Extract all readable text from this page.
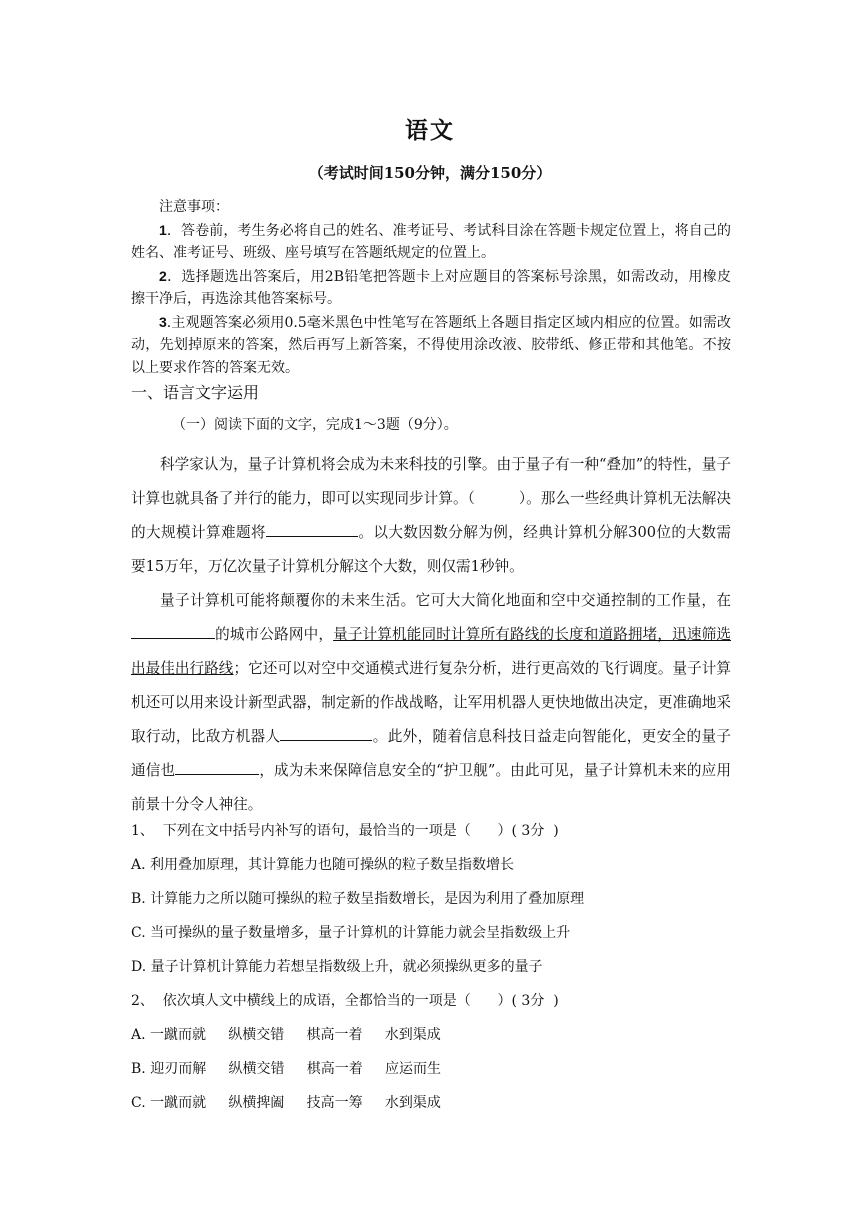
语文
（考试时间150分钟，满分150分）

注意事项：

1．答卷前，考生务必将自己的姓名、准考证号、考试科目涂在答题卡规定位置上，将自己的姓名、准考证号、班级、座号填写在答题纸规定的位置上。

2．选择题选出答案后，用2B铅笔把答题卡上对应题目的答案标号涂黑，如需改动，用橡皮擦干净后，再选涂其他答案标号。

3.主观题答案必须用0.5毫米黑色中性笔写在答题纸上各题目指定区域内相应的位置。如需改动，先划掉原来的答案，然后再写上新答案，不得使用涂改液、胶带纸、修正带和其他笔。不按以上要求作答的答案无效。

一、语言文字运用
（一）阅读下面的文字，完成1～3题（9分）。

科学家认为，量子计算机将会成为未来科技的引擎。由于量子有一种“叠加”的特性，量子计算也就具备了并行的能力，即可以实现同步计算。（　　　）。那么一些经典计算机无法解决的大规模计算难题将	。以大数因数分解为例，经典计算机分解300位的大数需要15万年，万亿次量子计算机分解这个大数，则仅需1秒钟。

量子计算机可能将颠覆你的未来生活。它可大大简化地面和空中交通控制的工作量，在的城市公路网中，量子计算机能同时计算所有路线的长度和道路拥堵，迅速筛选出最佳出行路线；它还可以对空中交通模式进行复杂分析，进行更高效的飞行调度。量子计算机还可以用来设计新型武器，制定新的作战战略，让军用机器人更快地做出决定，更准确地采取行动，比敌方机器人	。此外，随着信息科技日益走向智能化，更安全的量子通信也	，成为未来保障信息安全的“护卫舰”。由此可见，量子计算机未来的应用前景十分令人神往。

1、  下列在文中括号内补写的语句，最恰当的一项是（      ）( 3分  )
A. 利用叠加原理，其计算能力也随可操纵的粒子数呈指数增长
B. 计算能力之所以随可操纵的粒子数呈指数增长，是因为利用了叠加原理
C. 当可操纵的量子数量增多，量子计算机的计算能力就会呈指数级上升
D. 量子计算机计算能力若想呈指数级上升，就必须操纵更多的量子
2、  依次填人文中横线上的成语，全都恰当的一项是（      ）( 3分  )
A. 一蹴而就     纵横交错     棋高一着     水到渠成
B. 迎刃而解     纵横交错     棋高一着     应运而生
C. 一蹴而就     纵横捭阖     技高一筹     水到渠成
